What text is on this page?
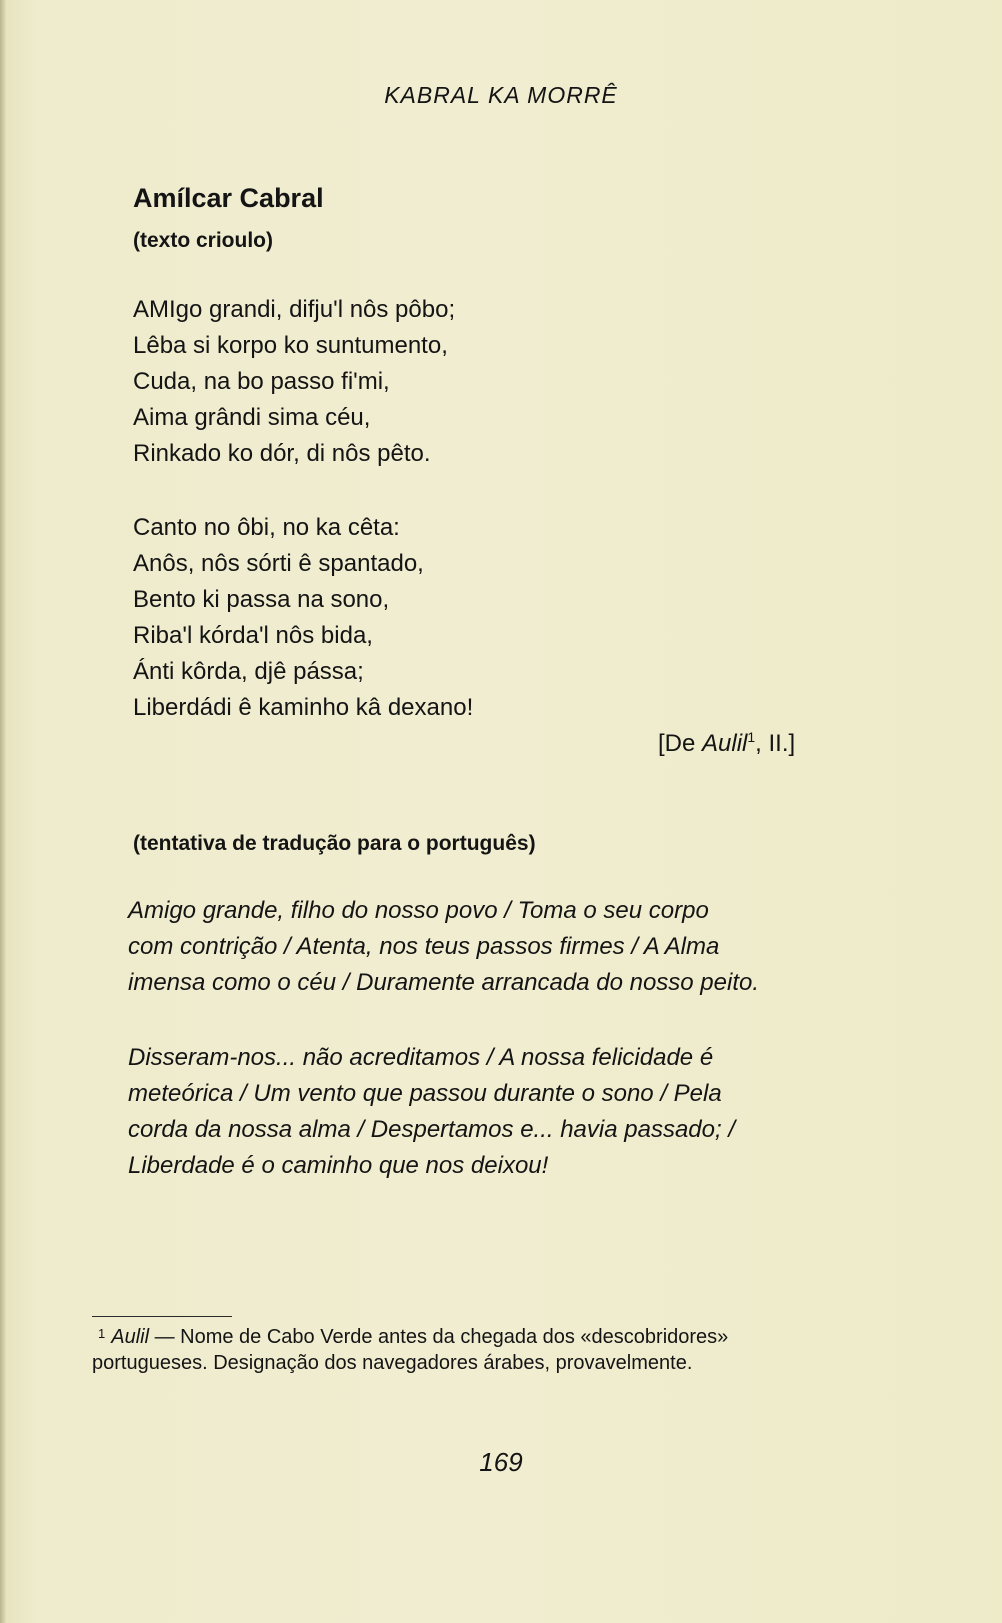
KABRAL KA MORRÊ
Amílcar Cabral
(texto crioulo)
AMIgo grandi, difju'l nôs pôbo;
Lêba si korpo ko suntumento,
Cuda, na bo passo fi'mi,
Aima grândi sima céu,
Rinkado ko dór, di nôs pêto.
Canto no ôbi, no ka cêta:
Anôs, nôs sórti ê spantado,
Bento ki passa na sono,
Riba'l kórda'l nôs bida,
Ánti kôrda, djê pássa;
Liberdádi ê kaminho kâ dexano!
[De Aulil$^1$, II.]
(tentativa de tradução para o português)
Amigo grande, filho do nosso povo / Toma o seu corpo
com contrição / Atenta, nos teus passos firmes / A Alma
imensa como o céu / Duramente arrancada do nosso peito.
Disseram-nos... não acreditamos / A nossa felicidade é
meteórica / Um vento que passou durante o sono / Pela
corda da nossa alma / Despertamos e... havia passado; /
Liberdade é o caminho que nos deixou!
$^1$ Aulil — Nome de Cabo Verde antes da chegada dos «descobridores»
portugueses. Designação dos navegadores árabes, provavelmente.
169
